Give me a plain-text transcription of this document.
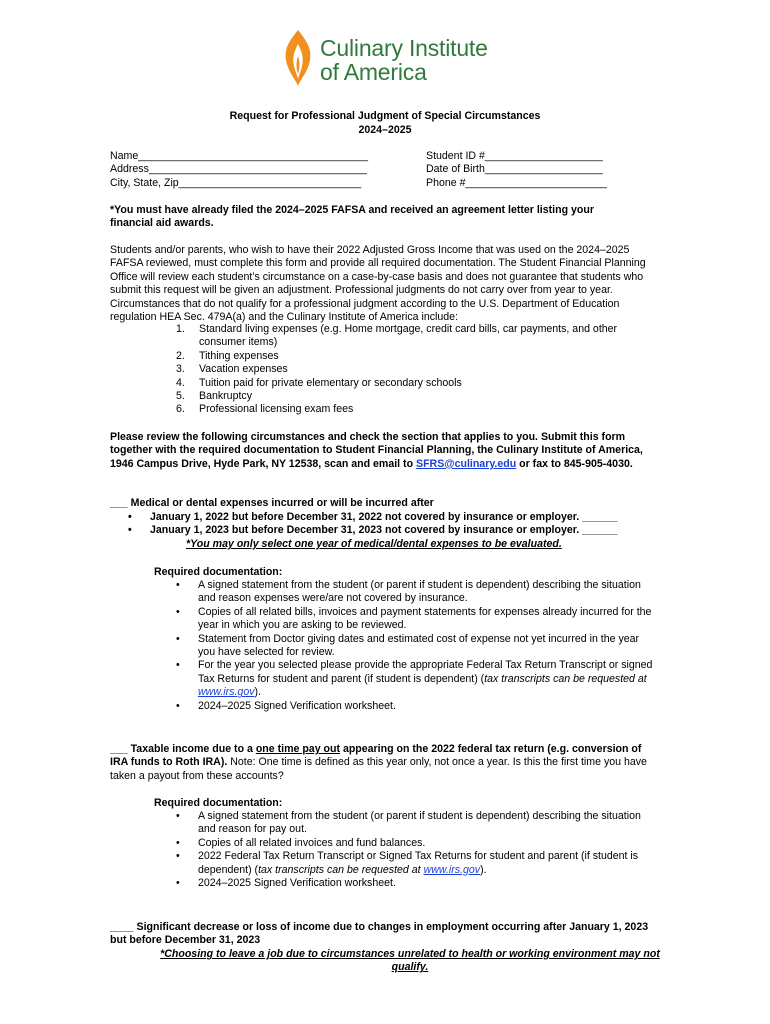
Culinary Institute
of America
Request for Professional Judgment of Special Circumstances
2024–2025
Name_______________________________________
Address_____________________________________
City, State, Zip_______________________________
Student ID #____________________
Date of Birth____________________
Phone #________________________
*You must have already filed the 2024–2025 FAFSA and received an agreement letter listing your financial aid awards.
Students and/or parents, who wish to have their 2022 Adjusted Gross Income that was used on the 2024–2025 FAFSA reviewed, must complete this form and provide all required documentation. The Student Financial Planning Office will review each student’s circumstance on a case-by-case basis and does not guarantee that students who submit this request will be given an adjustment. Professional judgments do not carry over from year to year. Circumstances that do not qualify for a professional judgment according to the U.S. Department of Education regulation HEA Sec. 479A(a) and the Culinary Institute of America include:
1. Standard living expenses (e.g. Home mortgage, credit card bills, car payments, and other consumer items)
2. Tithing expenses
3. Vacation expenses
4. Tuition paid for private elementary or secondary schools
5. Bankruptcy
6. Professional licensing exam fees
Please review the following circumstances and check the section that applies to you. Submit this form together with the required documentation to Student Financial Planning, the Culinary Institute of America, 1946 Campus Drive, Hyde Park, NY 12538, scan and email to SFRS@culinary.edu or fax to 845-905-4030.
___ Medical or dental expenses incurred or will be incurred after
• January 1, 2022 but before December 31, 2022 not covered by insurance or employer. ______
• January 1, 2023 but before December 31, 2023 not covered by insurance or employer. ______
*You may only select one year of medical/dental expenses to be evaluated.
Required documentation:
• A signed statement from the student (or parent if student is dependent) describing the situation and reason expenses were/are not covered by insurance.
• Copies of all related bills, invoices and payment statements for expenses already incurred for the year in which you are asking to be reviewed.
• Statement from Doctor giving dates and estimated cost of expense not yet incurred in the year you have selected for review.
• For the year you selected please provide the appropriate Federal Tax Return Transcript or signed Tax Returns for student and parent (if student is dependent) (tax transcripts can be requested at www.irs.gov).
• 2024–2025 Signed Verification worksheet.
___ Taxable income due to a one time pay out appearing on the 2022 federal tax return (e.g. conversion of IRA funds to Roth IRA). Note: One time is defined as this year only, not once a year. Is this the first time you have taken a payout from these accounts?
Required documentation:
• A signed statement from the student (or parent if student is dependent) describing the situation and reason for pay out.
• Copies of all related invoices and fund balances.
• 2022 Federal Tax Return Transcript or Signed Tax Returns for student and parent (if student is dependent) (tax transcripts can be requested at www.irs.gov).
• 2024–2025 Signed Verification worksheet.
____ Significant decrease or loss of income due to changes in employment occurring after January 1, 2023 but before December 31, 2023
*Choosing to leave a job due to circumstances unrelated to health or working environment may not qualify.
